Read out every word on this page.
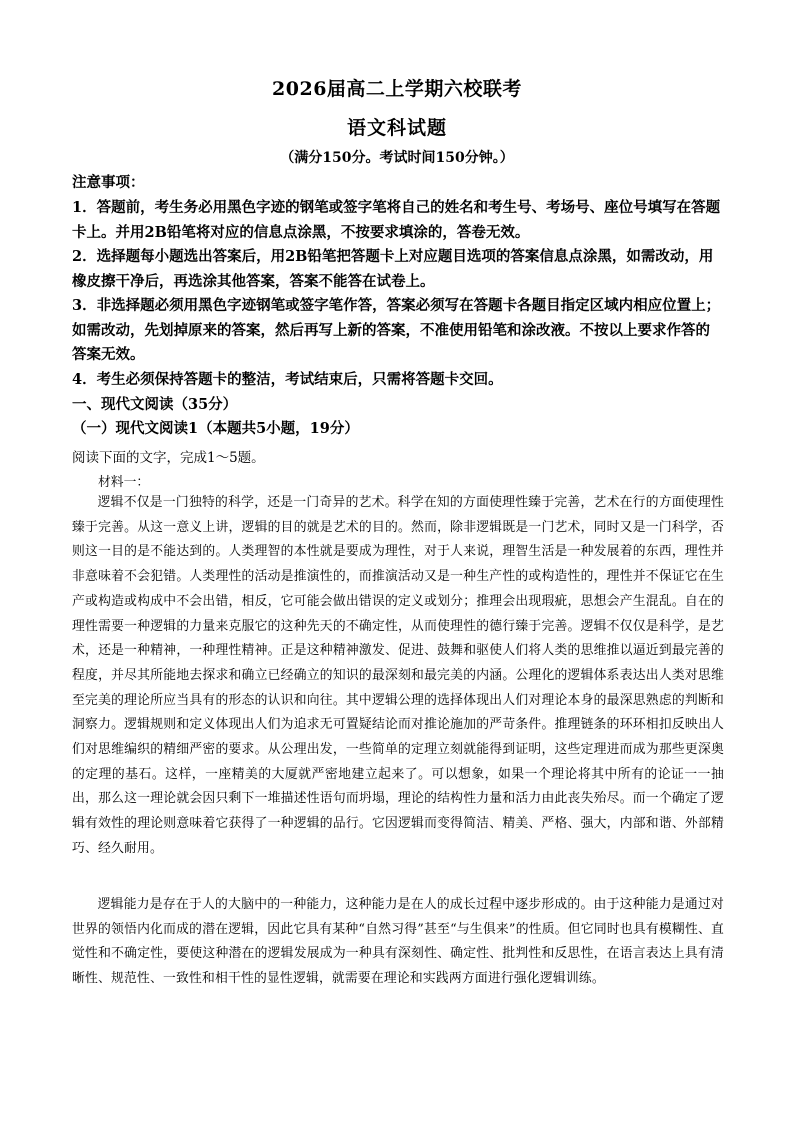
2026届高二上学期六校联考
语文科试题
（满分150分。考试时间150分钟。）
注意事项：
1．答题前，考生务必用黑色字迹的钢笔或签字笔将自己的姓名和考生号、考场号、座位号填写在答题卡上。并用2B铅笔将对应的信息点涂黑，不按要求填涂的，答卷无效。
2．选择题每小题选出答案后，用2B铅笔把答题卡上对应题目选项的答案信息点涂黑，如需改动，用橡皮擦干净后，再选涂其他答案，答案不能答在试卷上。
3．非选择题必须用黑色字迹钢笔或签字笔作答，答案必须写在答题卡各题目指定区域内相应位置上；如需改动，先划掉原来的答案，然后再写上新的答案，不准使用铅笔和涂改液。不按以上要求作答的答案无效。
4．考生必须保持答题卡的整洁，考试结束后，只需将答题卡交回。
一、现代文阅读（35分）
（一）现代文阅读1（本题共5小题，19分）
阅读下面的文字，完成1～5题。
材料一：
逻辑不仅是一门独特的科学，还是一门奇异的艺术。科学在知的方面使理性臻于完善，艺术在行的方面使理性臻于完善。从这一意义上讲，逻辑的目的就是艺术的目的。然而，除非逻辑既是一门艺术，同时又是一门科学，否则这一目的是不能达到的。人类理智的本性就是要成为理性，对于人来说，理智生活是一种发展着的东西，理性并非意味着不会犯错。人类理性的活动是推演性的，而推演活动又是一种生产性的或构造性的，理性并不保证它在生产或构造或构成中不会出错，相反，它可能会做出错误的定义或划分；推理会出现瑕疵，思想会产生混乱。自在的理性需要一种逻辑的力量来克服它的这种先天的不确定性，从而使理性的德行臻于完善。逻辑不仅仅是科学，是艺术，还是一种精神，一种理性精神。正是这种精神激发、促进、鼓舞和驱使人们将人类的思维推以逼近到最完善的程度，并尽其所能地去探求和确立已经确立的知识的最深刻和最完美的内涵。公理化的逻辑体系表达出人类对思维至完美的理论所应当具有的形态的认识和向往。其中逻辑公理的选择体现出人们对理论本身的最深思熟虑的判断和洞察力。逻辑规则和定义体现出人们为追求无可置疑结论而对推论施加的严苛条件。推理链条的环环相扣反映出人们对思维编织的精细严密的要求。从公理出发，一些简单的定理立刻就能得到证明，这些定理进而成为那些更深奥的定理的基石。这样，一座精美的大厦就严密地建立起来了。可以想象，如果一个理论将其中所有的论证一一抽出，那么这一理论就会因只剩下一堆描述性语句而坍塌，理论的结构性力量和活力由此丧失殆尽。而一个确定了逻辑有效性的理论则意味着它获得了一种逻辑的品行。它因逻辑而变得简洁、精美、严格、强大，内部和谐、外部精巧、经久耐用。
逻辑能力是存在于人的大脑中的一种能力，这种能力是在人的成长过程中逐步形成的。由于这种能力是通过对世界的领悟内化而成的潜在逻辑，因此它具有某种“自然习得”甚至“与生俱来”的性质。但它同时也具有模糊性、直觉性和不确定性，要使这种潜在的逻辑发展成为一种具有深刻性、确定性、批判性和反思性，在语言表达上具有清晰性、规范性、一致性和相干性的显性逻辑，就需要在理论和实践两方面进行强化逻辑训练。
